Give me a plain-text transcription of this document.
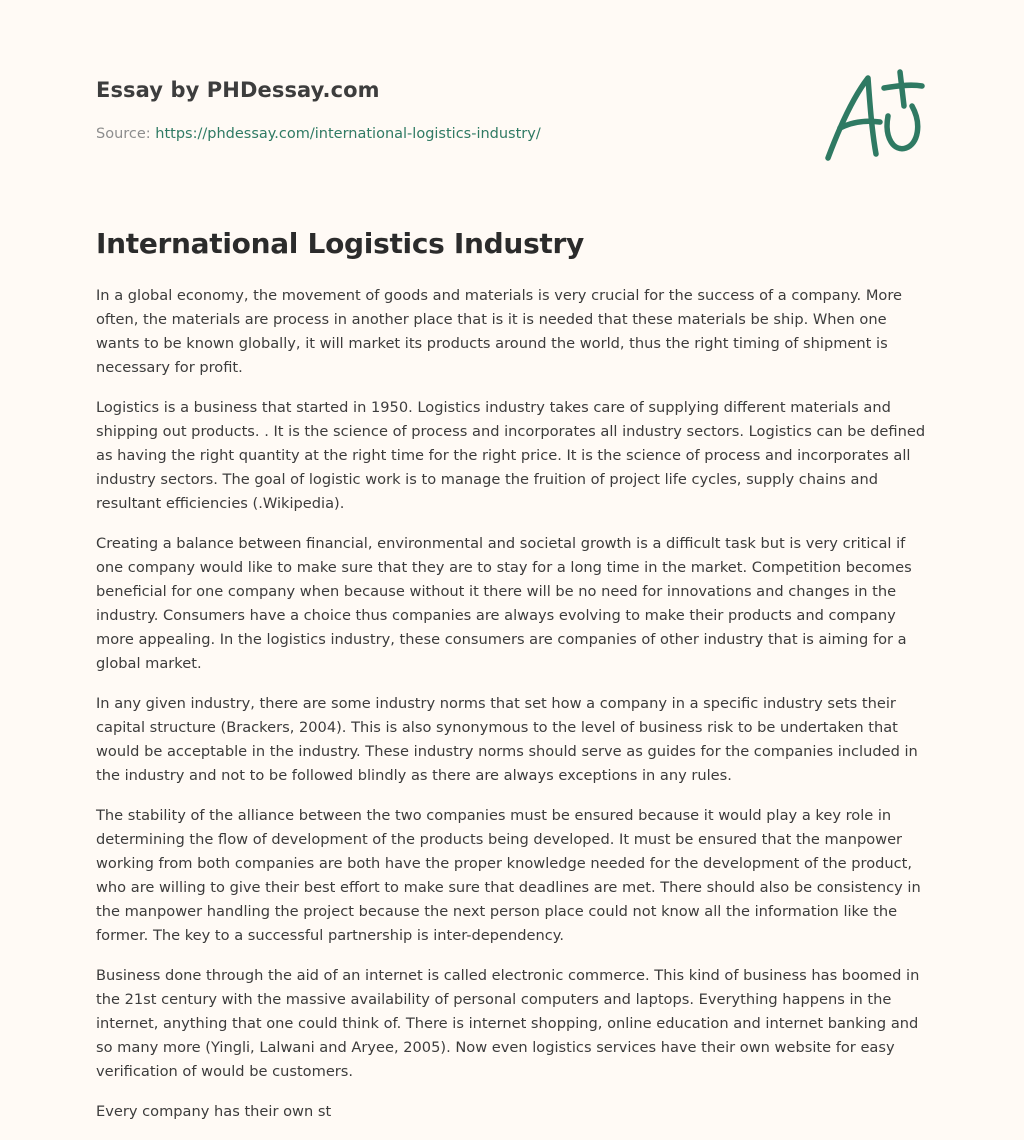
Essay by PHDessay.com
Source: https://phdessay.com/international-logistics-industry/
International Logistics Industry

In a global economy, the movement of goods and materials is very crucial for the success of a company. More often, the materials are process in another place that is it is needed that these materials be ship. When one wants to be known globally, it will market its products around the world, thus the right timing of shipment is necessary for profit.

Logistics is a business that started in 1950. Logistics industry takes care of supplying different materials and shipping out products. . It is the science of process and incorporates all industry sectors. Logistics can be defined as having the right quantity at the right time for the right price. It is the science of process and incorporates all industry sectors. The goal of logistic work is to manage the fruition of project life cycles, supply chains and resultant efficiencies (.Wikipedia).

Creating a balance between financial, environmental and societal growth is a difficult task but is very critical if one company would like to make sure that they are to stay for a long time in the market. Competition becomes beneficial for one company when because without it there will be no need for innovations and changes in the industry. Consumers have a choice thus companies are always evolving to make their products and company more appealing. In the logistics industry, these consumers are companies of other industry that is aiming for a global market.

In any given industry, there are some industry norms that set how a company in a specific industry sets their capital structure (Brackers, 2004). This is also synonymous to the level of business risk to be undertaken that would be acceptable in the industry. These industry norms should serve as guides for the companies included in the industry and not to be followed blindly as there are always exceptions in any rules.

The stability of the alliance between the two companies must be ensured because it would play a key role in determining the flow of development of the products being developed. It must be ensured that the manpower working from both companies are both have the proper knowledge needed for the development of the product, who are willing to give their best effort to make sure that deadlines are met. There should also be consistency in the manpower handling the project because the next person place could not know all the information like the former. The key to a successful partnership is inter-dependency.

Business done through the aid of an internet is called electronic commerce. This kind of business has boomed in the 21st century with the massive availability of personal computers and laptops. Everything happens in the internet, anything that one could think of. There is internet shopping, online education and internet banking and so many more (Yingli, Lalwani and Aryee, 2005). Now even logistics services have their own website for easy verification of would be customers.

Every company has their own st
